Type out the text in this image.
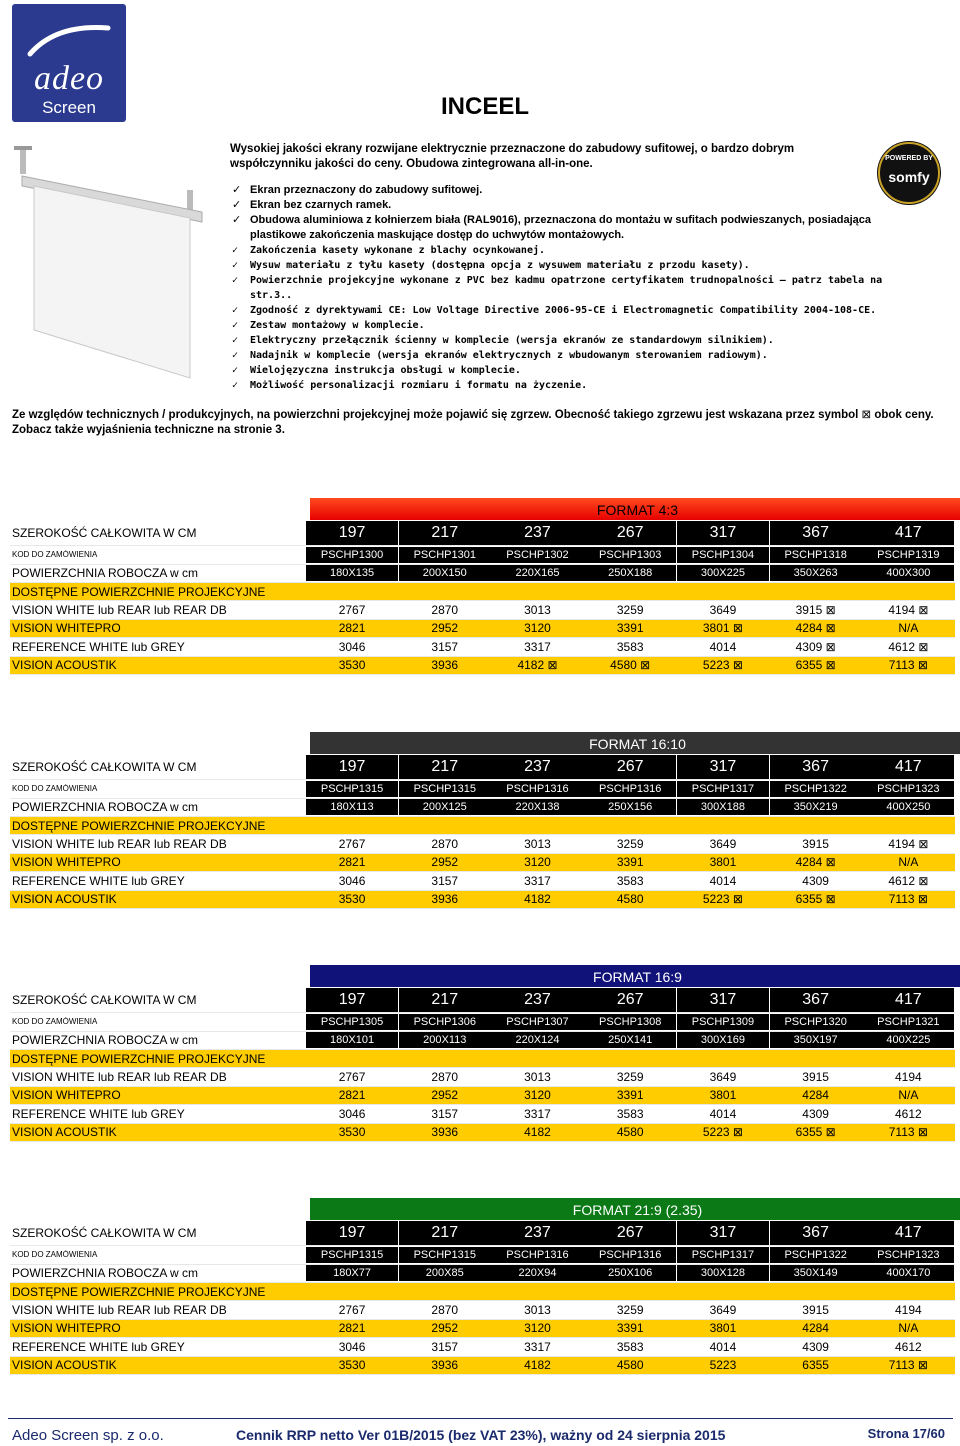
adeo
Screen	INCEEL
POWERED BY
somfy
Wysokiej jakości ekrany rozwijane elektrycznie przeznaczone do zabudowy sufitowej, o bardzo dobrym współczynniku jakości do ceny. Obudowa zintegrowana all-in-one.
✓ Ekran przeznaczony do zabudowy sufitowej.
✓ Ekran bez czarnych ramek.
✓ Obudowa aluminiowa z kołnierzem biała (RAL9016), przeznaczona do montażu w sufitach podwieszanych, posiadająca plastikowe zakończenia maskujące dostęp do uchwytów montażowych.
✓ Zakończenia kasety wykonane z blachy ocynkowanej.
✓ Wysuw materiału z tyłu kasety (dostępna opcja z wysuwem materiału z przodu kasety).
✓ Powierzchnie projekcyjne wykonane z PVC bez kadmu opatrzone certyfikatem trudnopalności – patrz tabela na str.3..
✓ Zgodność z dyrektywami CE: Low Voltage Directive 2006-95-CE i Electromagnetic Compatibility 2004-108-CE.
✓ Zestaw montażowy w komplecie.
✓ Elektryczny przełącznik ścienny w komplecie (wersja ekranów ze standardowym silnikiem).
✓ Nadajnik w komplecie (wersja ekranów elektrycznych z wbudowanym sterowaniem radiowym).
✓ Wielojęzyczna instrukcja obsługi w komplecie.
✓ Możliwość personalizacji rozmiaru i formatu na życzenie.
Ze względów technicznych / produkcyjnych, na powierzchni projekcyjnej może pojawić się zgrzew. Obecność takiego zgrzewu jest wskazana przez symbol ⊠ obok ceny.
Zobacz także wyjaśnienia techniczne na stronie 3.
FORMAT 4:3
SZEROKOŚĆ CAŁKOWITA W CM	197	217	237	267	317	367	417
KOD DO ZAMÓWIENIA	PSCHP1300	PSCHP1301	PSCHP1302	PSCHP1303	PSCHP1304	PSCHP1318	PSCHP1319
POWIERZCHNIA ROBOCZA w cm	180X135	200X150	220X165	250X188	300X225	350X263	400X300
DOSTĘPNE POWIERZCHNIE PROJEKCYJNE
VISION WHITE lub REAR lub REAR DB	2767	2870	3013	3259	3649	3915 ⊠	4194 ⊠
VISION WHITEPRO	2821	2952	3120	3391	3801 ⊠	4284 ⊠	N/A
REFERENCE WHITE lub GREY	3046	3157	3317	3583	4014	4309 ⊠	4612 ⊠
VISION ACOUSTIK	3530	3936	4182 ⊠	4580 ⊠	5223 ⊠	6355 ⊠	7113 ⊠
FORMAT 16:10
SZEROKOŚĆ CAŁKOWITA W CM	197	217	237	267	317	367	417
KOD DO ZAMÓWIENIA	PSCHP1315	PSCHP1315	PSCHP1316	PSCHP1316	PSCHP1317	PSCHP1322	PSCHP1323
POWIERZCHNIA ROBOCZA w cm	180X113	200X125	220X138	250X156	300X188	350X219	400X250
DOSTĘPNE POWIERZCHNIE PROJEKCYJNE
VISION WHITE lub REAR lub REAR DB	2767	2870	3013	3259	3649	3915	4194 ⊠
VISION WHITEPRO	2821	2952	3120	3391	3801	4284 ⊠	N/A
REFERENCE WHITE lub GREY	3046	3157	3317	3583	4014	4309	4612 ⊠
VISION ACOUSTIK	3530	3936	4182	4580	5223 ⊠	6355 ⊠	7113 ⊠
FORMAT 16:9
SZEROKOŚĆ CAŁKOWITA W CM	197	217	237	267	317	367	417
KOD DO ZAMÓWIENIA	PSCHP1305	PSCHP1306	PSCHP1307	PSCHP1308	PSCHP1309	PSCHP1320	PSCHP1321
POWIERZCHNIA ROBOCZA w cm	180X101	200X113	220X124	250X141	300X169	350X197	400X225
DOSTĘPNE POWIERZCHNIE PROJEKCYJNE
VISION WHITE lub REAR lub REAR DB	2767	2870	3013	3259	3649	3915	4194
VISION WHITEPRO	2821	2952	3120	3391	3801	4284	N/A
REFERENCE WHITE lub GREY	3046	3157	3317	3583	4014	4309	4612
VISION ACOUSTIK	3530	3936	4182	4580	5223 ⊠	6355 ⊠	7113 ⊠
FORMAT 21:9 (2.35)
SZEROKOŚĆ CAŁKOWITA W CM	197	217	237	267	317	367	417
KOD DO ZAMÓWIENIA	PSCHP1315	PSCHP1315	PSCHP1316	PSCHP1316	PSCHP1317	PSCHP1322	PSCHP1323
POWIERZCHNIA ROBOCZA w cm	180X77	200X85	220X94	250X106	300X128	350X149	400X170
DOSTĘPNE POWIERZCHNIE PROJEKCYJNE
VISION WHITE lub REAR lub REAR DB	2767	2870	3013	3259	3649	3915	4194
VISION WHITEPRO	2821	2952	3120	3391	3801	4284	N/A
REFERENCE WHITE lub GREY	3046	3157	3317	3583	4014	4309	4612
VISION ACOUSTIK	3530	3936	4182	4580	5223	6355	7113 ⊠
Adeo Screen sp. z o.o.	Cennik RRP netto Ver 01B/2015 (bez VAT 23%), ważny od 24 sierpnia 2015	Strona 17/60
